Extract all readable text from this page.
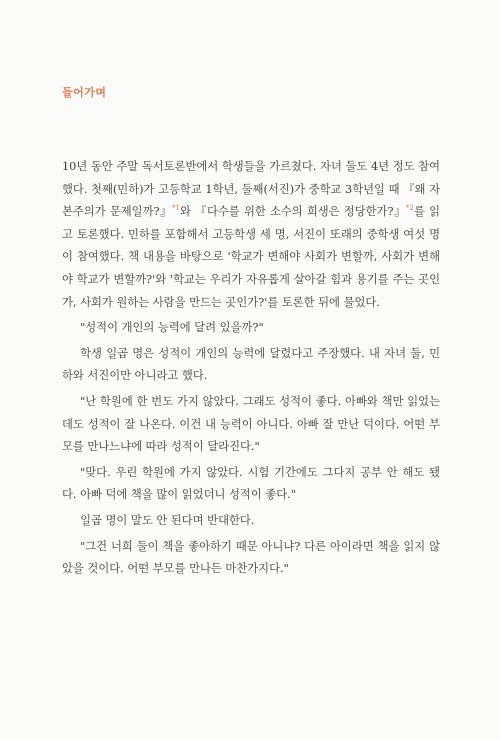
들어가며

10년 동안 주말 독서토론반에서 학생들을 가르쳤다. 자녀 둘도 4년 정도 참여했다. 첫째(민하)가 고등학교 1학년, 둘째(서진)가 중학교 3학년일 때 『왜 자본주의가 문제일까?』$^{*1}$와 『다수를 위한 소수의 희생은 정당한가?』$^{*2}$를 읽고 토론했다. 민하를 포함해서 고등학생 세 명, 서진이 또래의 중학생 여섯 명이 참여했다. 책 내용을 바탕으로 '학교가 변해야 사회가 변할까, 사회가 변해야 학교가 변할까?'와 '학교는 우리가 자유롭게 살아갈 힘과 용기를 주는 곳인가, 사회가 원하는 사람을 만드는 곳인가?'를 토론한 뒤에 물었다.

"성적이 개인의 능력에 달려 있을까?"

학생 일곱 명은 성적이 개인의 능력에 달렸다고 주장했다. 내 자녀 둘, 민하와 서진이만 아니라고 했다.

"난 학원에 한 번도 가지 않았다. 그래도 성적이 좋다. 아빠와 책만 읽었는데도 성적이 잘 나온다. 이건 내 능력이 아니다. 아빠 잘 만난 덕이다. 어떤 부모를 만나느냐에 따라 성적이 달라진다."

"맞다. 우린 학원에 가지 않았다. 시험 기간에도 그다지 공부 안 해도 됐다. 아빠 덕에 책을 많이 읽었더니 성적이 좋다."

일곱 명이 말도 안 된다며 반대한다.

"그건 너희 둘이 책을 좋아하기 때문 아니냐? 다른 아이라면 책을 읽지 않았을 것이다. 어떤 부모를 만나든 마찬가지다."
